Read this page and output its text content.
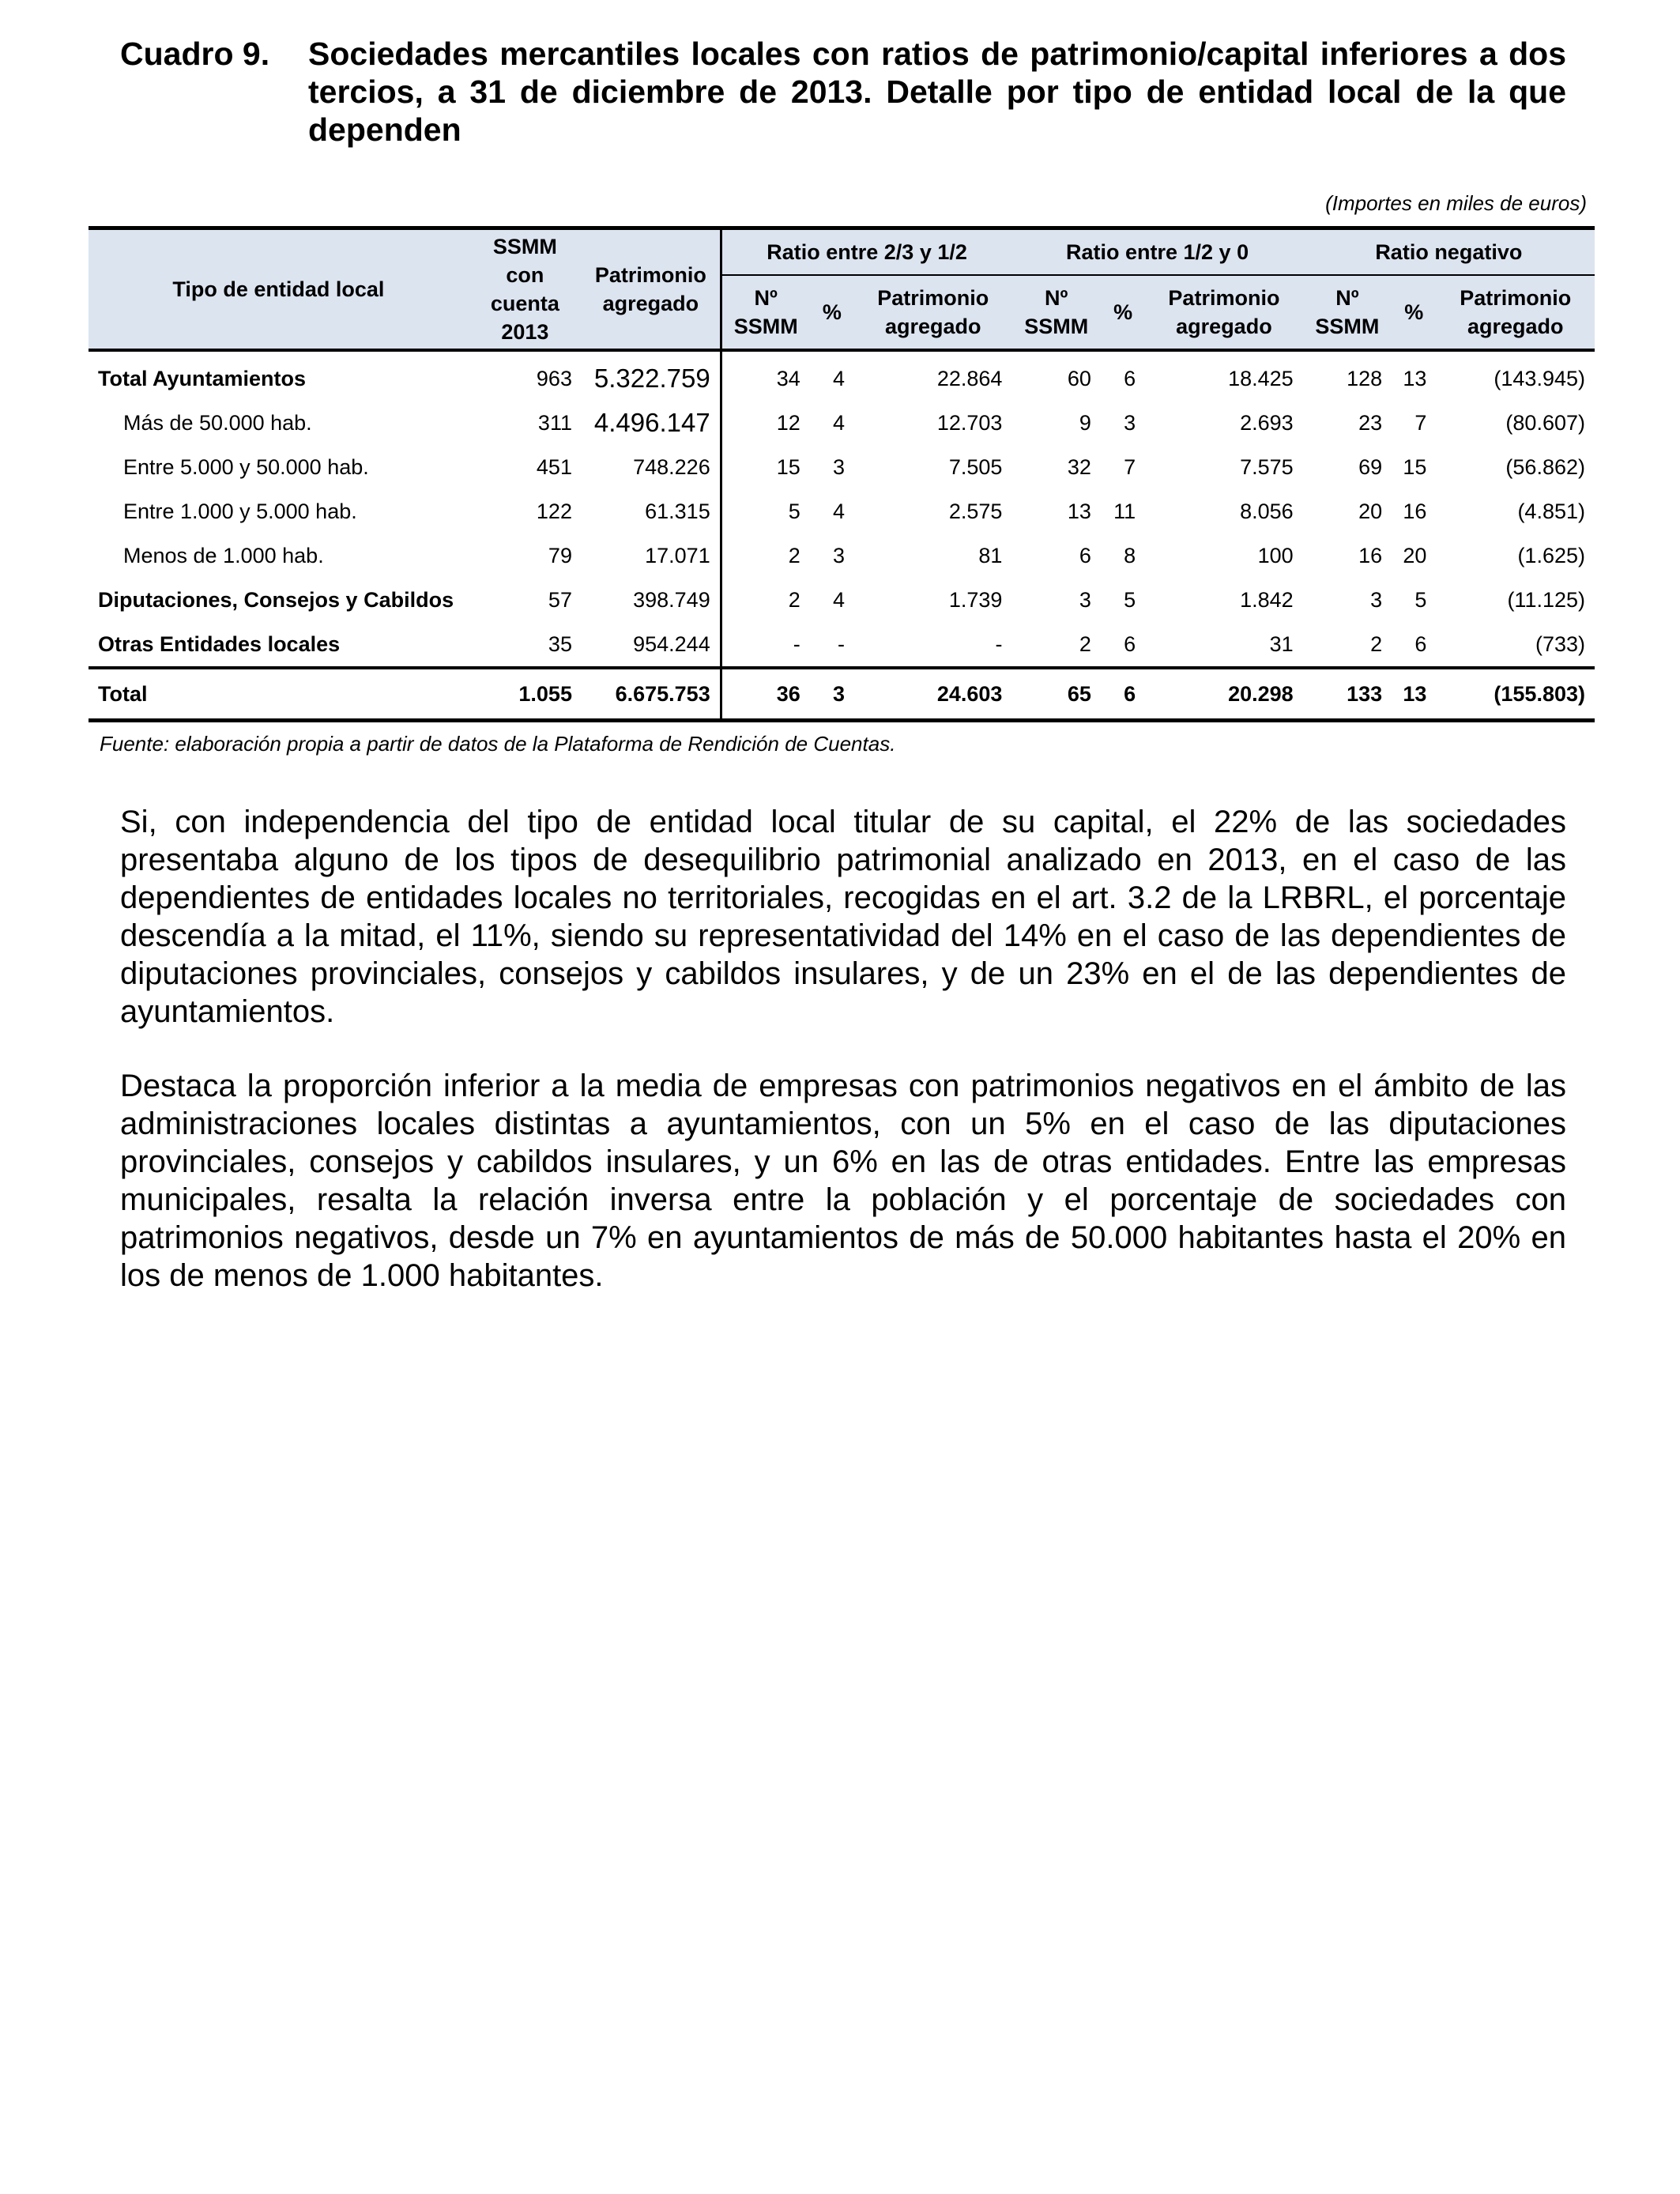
Cuadro 9.	Sociedades mercantiles locales con ratios de patrimonio/capital inferiores a dos tercios, a 31 de diciembre de 2013. Detalle por tipo de entidad local de la que dependen
(Importes en miles de euros)
Tipo de entidad local	SSMM con cuenta 2013	Patrimonio agregado	Ratio entre 2/3 y 1/2			Ratio entre 1/2 y 0			Ratio negativo		
			Nº SSMM	%	Patrimonio agregado	Nº SSMM	%	Patrimonio agregado	Nº SSMM	%	Patrimonio agregado
Total Ayuntamientos	963	5.322.759	34	4	22.864	60	6	18.425	128	13	(143.945)
Más de 50.000 hab.	311	4.496.147	12	4	12.703	9	3	2.693	23	7	(80.607)
Entre 5.000 y 50.000 hab.	451	748.226	15	3	7.505	32	7	7.575	69	15	(56.862)
Entre 1.000 y 5.000 hab.	122	61.315	5	4	2.575	13	11	8.056	20	16	(4.851)
Menos de 1.000 hab.	79	17.071	2	3	81	6	8	100	16	20	(1.625)
Diputaciones, Consejos y Cabildos	57	398.749	2	4	1.739	3	5	1.842	3	5	(11.125)
Otras Entidades locales	35	954.244	-	-	-	2	6	31	2	6	(733)
Total	1.055	6.675.753	36	3	24.603	65	6	20.298	133	13	(155.803)
Fuente: elaboración propia a partir de datos de la Plataforma de Rendición de Cuentas.

Si, con independencia del tipo de entidad local titular de su capital, el 22% de las sociedades presentaba alguno de los tipos de desequilibrio patrimonial analizado en 2013, en el caso de las dependientes de entidades locales no territoriales, recogidas en el art. 3.2 de la LRBRL, el porcentaje descendía a la mitad, el 11%, siendo su representatividad del 14% en el caso de las dependientes de diputaciones provinciales, consejos y cabildos insulares, y de un 23% en el de las dependientes de ayuntamientos.

Destaca la proporción inferior a la media de empresas con patrimonios negativos en el ámbito de las administraciones locales distintas a ayuntamientos, con un 5% en el caso de las diputaciones provinciales, consejos y cabildos insulares, y un 6% en las de otras entidades. Entre las empresas municipales, resalta la relación inversa entre la población y el porcentaje de sociedades con patrimonios negativos, desde un 7% en ayuntamientos de más de 50.000 habitantes hasta el 20% en los de menos de 1.000 habitantes.
